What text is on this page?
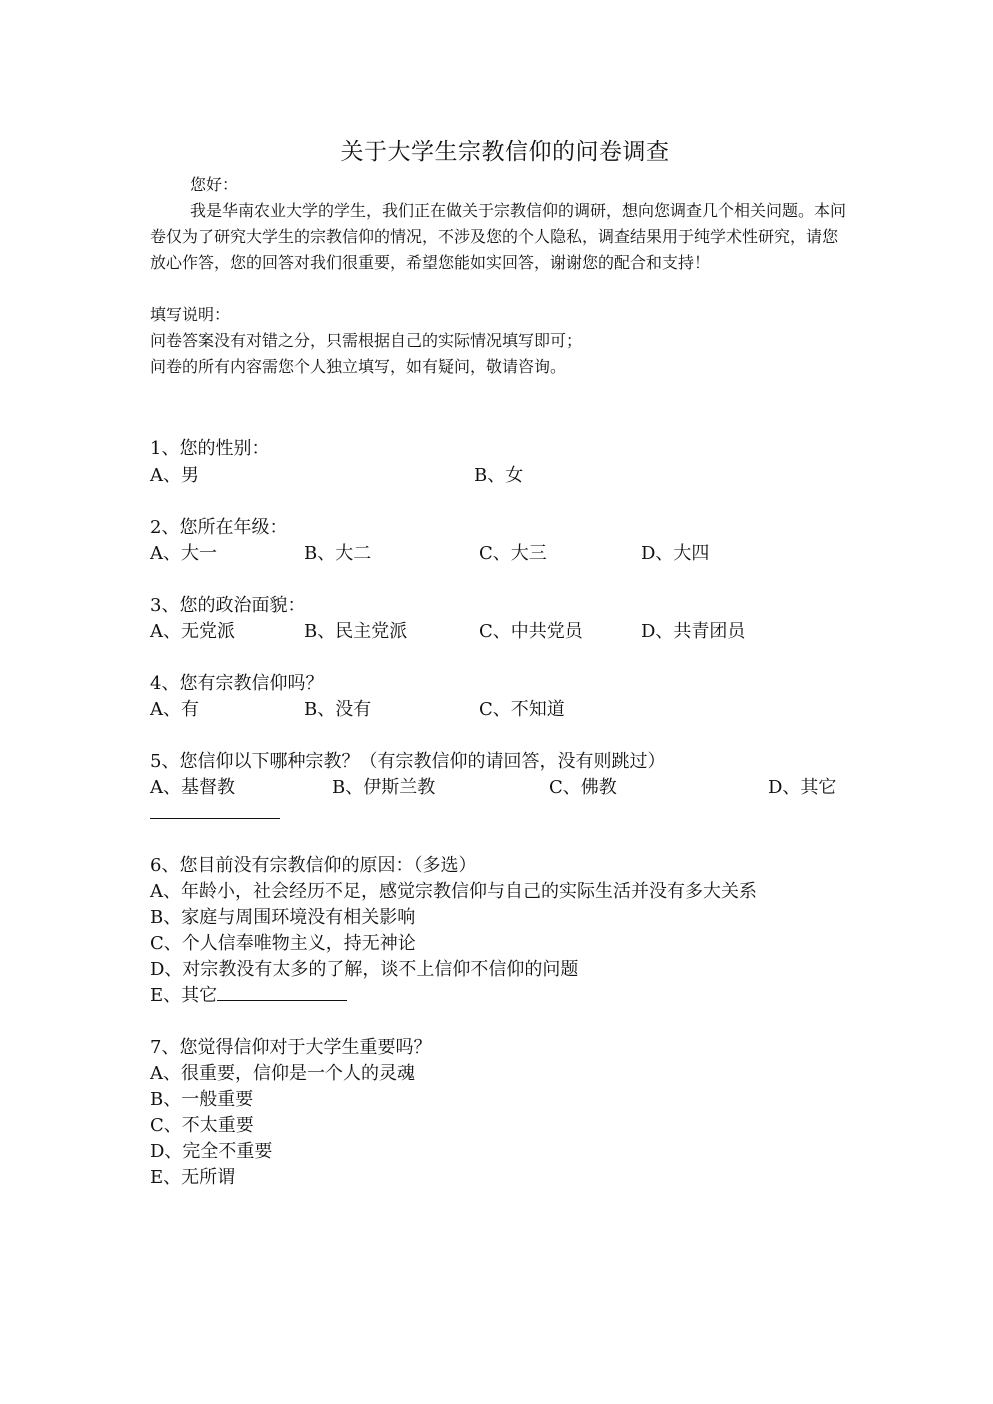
关于大学生宗教信仰的问卷调查
您好：
我是华南农业大学的学生，我们正在做关于宗教信仰的调研，想向您调查几个相关问题。本问卷仅为了研究大学生的宗教信仰的情况，不涉及您的个人隐私，调查结果用于纯学术性研究，请您放心作答，您的回答对我们很重要，希望您能如实回答，谢谢您的配合和支持！
填写说明：
问卷答案没有对错之分，只需根据自己的实际情况填写即可；
问卷的所有内容需您个人独立填写，如有疑问，敬请咨询。
1、您的性别：
A、男	B、女
2、您所在年级：
A、大一	B、大二	C、大三	D、大四
3、您的政治面貌：
A、无党派	B、民主党派	C、中共党员	D、共青团员
4、您有宗教信仰吗？
A、有	B、没有	C、不知道
5、您信仰以下哪种宗教？（有宗教信仰的请回答，没有则跳过）
A、基督教	B、伊斯兰教	C、佛教	D、其它
6、您目前没有宗教信仰的原因：（多选）
A、年龄小，社会经历不足，感觉宗教信仰与自己的实际生活并没有多大关系
B、家庭与周围环境没有相关影响
C、个人信奉唯物主义，持无神论
D、对宗教没有太多的了解，谈不上信仰不信仰的问题
E、其它
7、您觉得信仰对于大学生重要吗？
A、很重要，信仰是一个人的灵魂
B、一般重要
C、不太重要
D、完全不重要
E、无所谓
